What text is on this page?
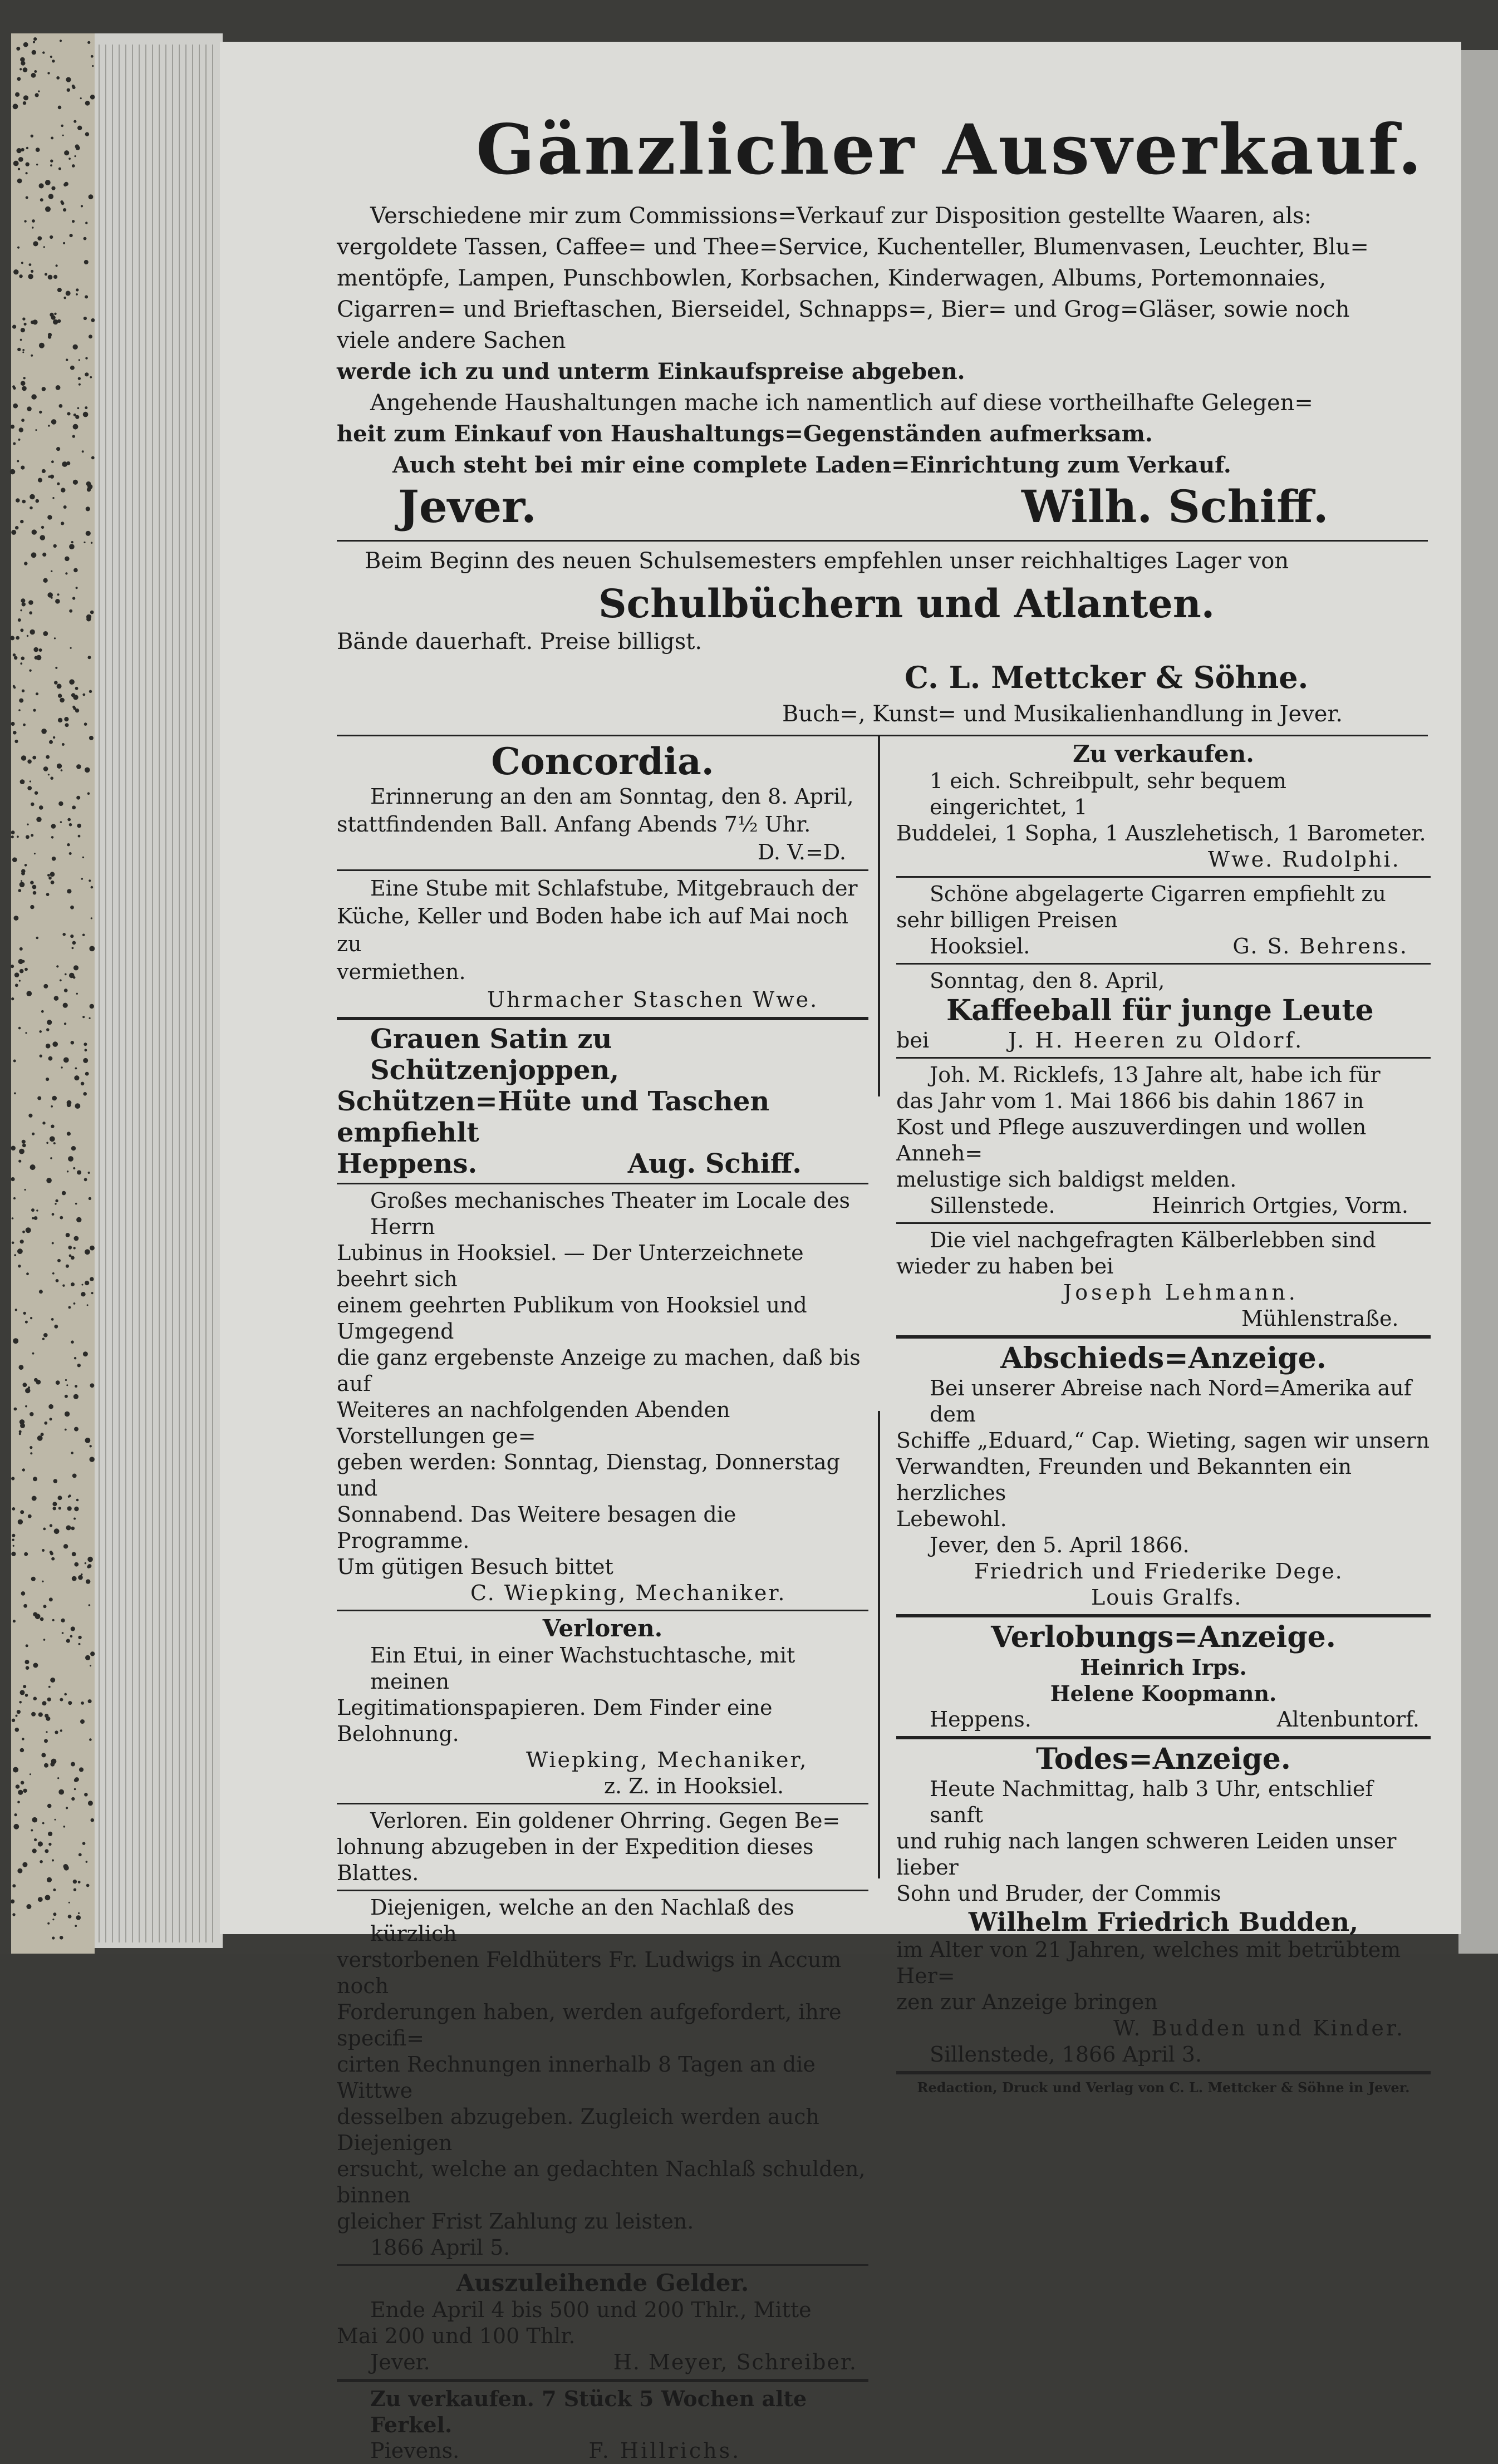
Gänzlicher Ausverkauf.
Verschiedene mir zum Commissions=Verkauf zur Disposition gestellte Waaren, als:
vergoldete Tassen, Caffee= und Thee=Service, Kuchenteller, Blumenvasen, Leuchter, Blu=
mentöpfe, Lampen, Punschbowlen, Korbsachen, Kinderwagen, Albums, Portemonnaies,
Cigarren= und Brieftaschen, Bierseidel, Schnapps=, Bier= und Grog=Gläser, sowie noch
viele andere Sachen
werde ich zu und unterm Einkaufspreise abgeben.
Angehende Haushaltungen mache ich namentlich auf diese vortheilhafte Gelegen=
heit zum Einkauf von Haushaltungs=Gegenständen aufmerksam.
Auch steht bei mir eine complete Laden=Einrichtung zum Verkauf.
Jever.	Wilh. Schiff.
Beim Beginn des neuen Schulsemesters empfehlen unser reichhaltiges Lager von
Schulbüchern und Atlanten.
Bände dauerhaft. Preise billigst.
C. L. Mettcker & Söhne.
Buch=, Kunst= und Musikalienhandlung in Jever.
Concordia.
Erinnerung an den am Sonntag, den 8. April,
stattfindenden Ball. Anfang Abends 7½ Uhr.
D. V.=D.
Eine Stube mit Schlafstube, Mitgebrauch der
Küche, Keller und Boden habe ich auf Mai noch zu
vermiethen.
Uhrmacher Staschen Wwe.
Grauen Satin zu Schützenjoppen,
Schützen=Hüte und Taschen empfiehlt
Heppens.	Aug. Schiff.
Großes mechanisches Theater im Locale des Herrn
Lubinus in Hooksiel. — Der Unterzeichnete beehrt sich
einem geehrten Publikum von Hooksiel und Umgegend
die ganz ergebenste Anzeige zu machen, daß bis auf
Weiteres an nachfolgenden Abenden Vorstellungen ge=
geben werden: Sonntag, Dienstag, Donnerstag und
Sonnabend. Das Weitere besagen die Programme.
Um gütigen Besuch bittet
C. Wiepking, Mechaniker.
Verloren.
Ein Etui, in einer Wachstuchtasche, mit meinen
Legitimationspapieren. Dem Finder eine Belohnung.
Wiepking, Mechaniker,
z. Z. in Hooksiel.
Verloren. Ein goldener Ohrring. Gegen Be=
lohnung abzugeben in der Expedition dieses Blattes.
Diejenigen, welche an den Nachlaß des kürzlich
verstorbenen Feldhüters Fr. Ludwigs in Accum noch
Forderungen haben, werden aufgefordert, ihre specifi=
cirten Rechnungen innerhalb 8 Tagen an die Wittwe
desselben abzugeben. Zugleich werden auch Diejenigen
ersucht, welche an gedachten Nachlaß schulden, binnen
gleicher Frist Zahlung zu leisten.
1866 April 5.
Auszuleihende Gelder.
Ende April 4 bis 500 und 200 Thlr., Mitte
Mai 200 und 100 Thlr.
Jever.	H. Meyer, Schreiber.
Zu verkaufen. 7 Stück 5 Wochen alte Ferkel.
Pievens.	F. Hillrichs.
Zu verkaufen.
1 eich. Schreibpult, sehr bequem eingerichtet, 1
Buddelei, 1 Sopha, 1 Auszlehetisch, 1 Barometer.
Wwe. Rudolphi.
Schöne abgelagerte Cigarren empfiehlt zu
sehr billigen Preisen
Hooksiel.	G. S. Behrens.
Sonntag, den 8. April,
Kaffeeball für junge Leute
bei	J. H. Heeren zu Oldorf.
Joh. M. Ricklefs, 13 Jahre alt, habe ich für
das Jahr vom 1. Mai 1866 bis dahin 1867 in
Kost und Pflege auszuverdingen und wollen Anneh=
melustige sich baldigst melden.
Sillenstede.	Heinrich Ortgies, Vorm.
Die viel nachgefragten Kälberlebben sind
wieder zu haben bei
Joseph Lehmann.
Mühlenstraße.
Abschieds=Anzeige.
Bei unserer Abreise nach Nord=Amerika auf dem
Schiffe „Eduard,“ Cap. Wieting, sagen wir unsern
Verwandten, Freunden und Bekannten ein herzliches
Lebewohl.
Jever, den 5. April 1866.
Friedrich und Friederike Dege.
Louis Gralfs.
Verlobungs=Anzeige.
Heinrich Irps.
Helene Koopmann.
Heppens.	Altenbuntorf.
Todes=Anzeige.
Heute Nachmittag, halb 3 Uhr, entschlief sanft
und ruhig nach langen schweren Leiden unser lieber
Sohn und Bruder, der Commis
Wilhelm Friedrich Budden,
im Alter von 21 Jahren, welches mit betrübtem Her=
zen zur Anzeige bringen
W. Budden und Kinder.
Sillenstede, 1866 April 3.
Redaction, Druck und Verlag von C. L. Mettcker & Söhne in Jever.
